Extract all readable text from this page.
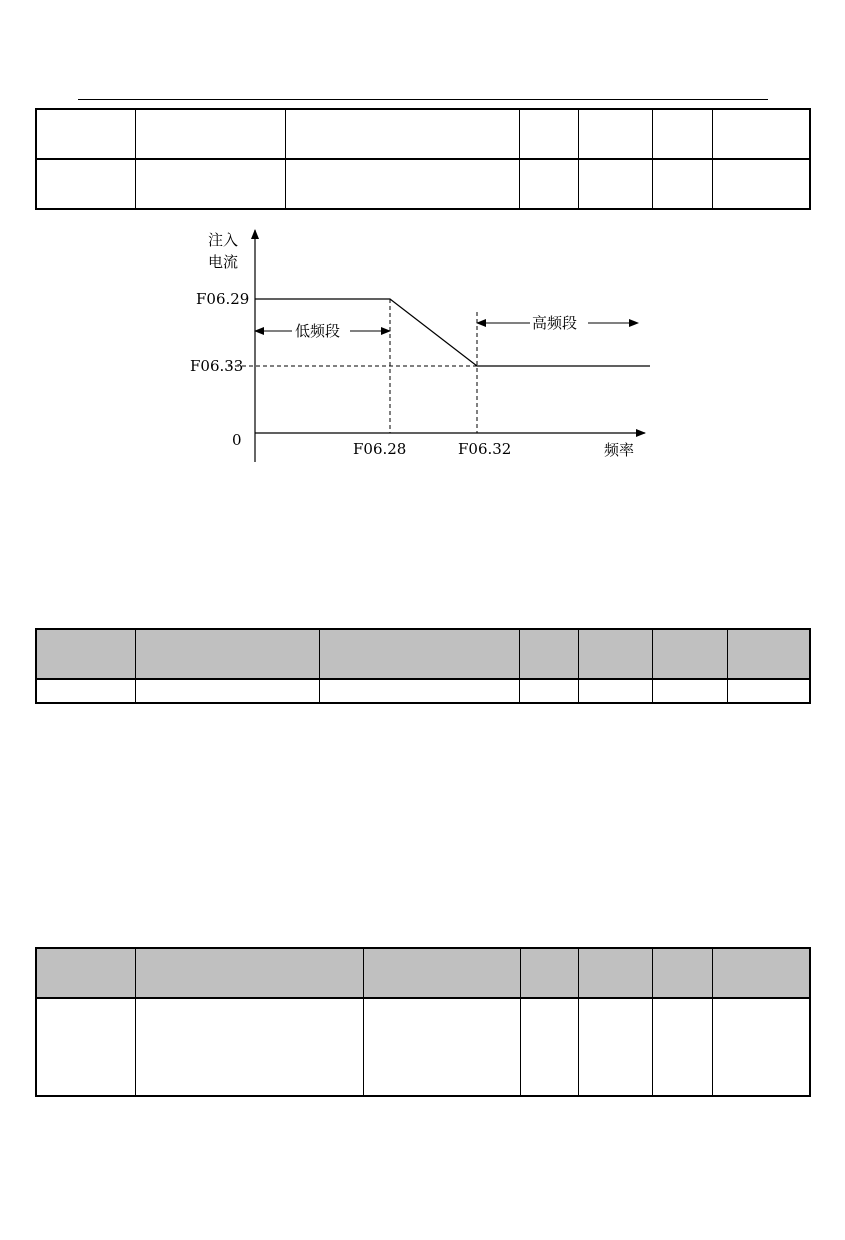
注入
电流
F06.29
F06.33
0	F06.28	F06.32	频率
低频段	高频段
